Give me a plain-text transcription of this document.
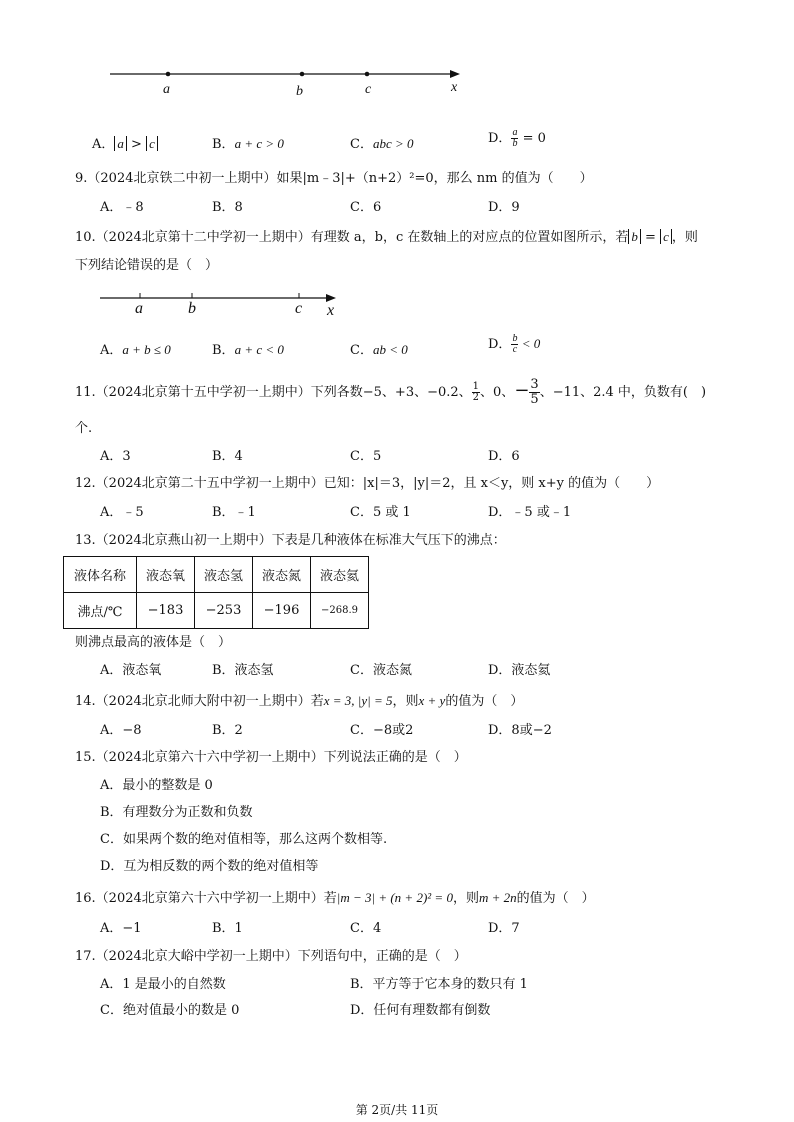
a	b	c	x
A． a > c	B．a + c > 0	C．abc > 0	D． $\frac{a}{b} = 0$
9.（2024北京铁二中初一上期中）如果|m﹣3|+（n+2）²=0，那么 nm 的值为（　　）
A．﹣8	B．8	C．6	D．9
10.（2024北京第十二中学初一上期中）有理数 a，b，c 在数轴上的对应点的位置如图所示，若 b = c ，则
下列结论错误的是（　）
a	b	c x
A．a + b ≤ 0	B．a + c < 0	C．ab < 0	D． $\frac{b}{c} < 0$
11.（2024北京第十五中学初一上期中）下列各数−5、+3、−0.2、 $\frac{1}{2}$ 、0、− $\frac{3}{5}$ 、−11、2.4 中，负数有(　)
个.
A．3	B．4	C．5	D．6
12.（2024北京第二十五中学初一上期中）已知：|x|＝3，|y|＝2，且 x＜y，则 x+y 的值为（　　）
A．﹣5	B．﹣1	C．5 或 1	D．﹣5 或﹣1
13.（2024北京燕山初一上期中）下表是几种液体在标准大气压下的沸点：
液体名称	液态氧	液态氢	液态氮	液态氦
沸点/℃	−183	−253	−196	−268.9
则沸点最高的液体是（　）
A．液态氧	B．液态氢	C．液态氮	D．液态氦
14.（2024北京北师大附中初一上期中）若x = 3, |y| = 5，则x + y的值为（　）
A．−8	B．2	C．−8或2	D．8或−2
15.（2024北京第六十六中学初一上期中）下列说法正确的是（　）
A．最小的整数是 0
B．有理数分为正数和负数
C．如果两个数的绝对值相等，那么这两个数相等.
D．互为相反数的两个数的绝对值相等
16.（2024北京第六十六中学初一上期中）若|m − 3| + (n + 2)² = 0，则m + 2n的值为（　）
A．−1	B．1	C．4	D．7
17.（2024北京大峪中学初一上期中）下列语句中，正确的是（　）
A．1 是最小的自然数	B．平方等于它本身的数只有 1
C．绝对值最小的数是 0	D．任何有理数都有倒数
第 2页/共 11页
